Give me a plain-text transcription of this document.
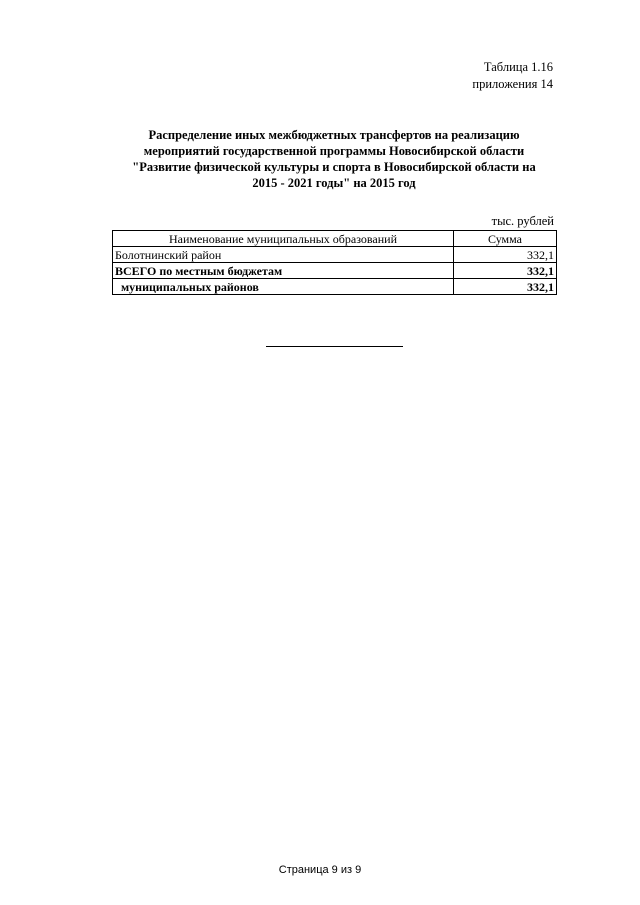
Таблица 1.16
приложения 14
Распределение иных межбюджетных трансфертов на реализацию
мероприятий государственной программы Новосибирской области
"Развитие физической культуры и спорта в Новосибирской области на
2015 - 2021 годы" на 2015 год
тыс. рублей
Наименование муниципальных образований	Сумма
Болотнинский район	332,1
ВСЕГО по местным бюджетам	332,1
муниципальных районов	332,1
Страница 9 из 9
